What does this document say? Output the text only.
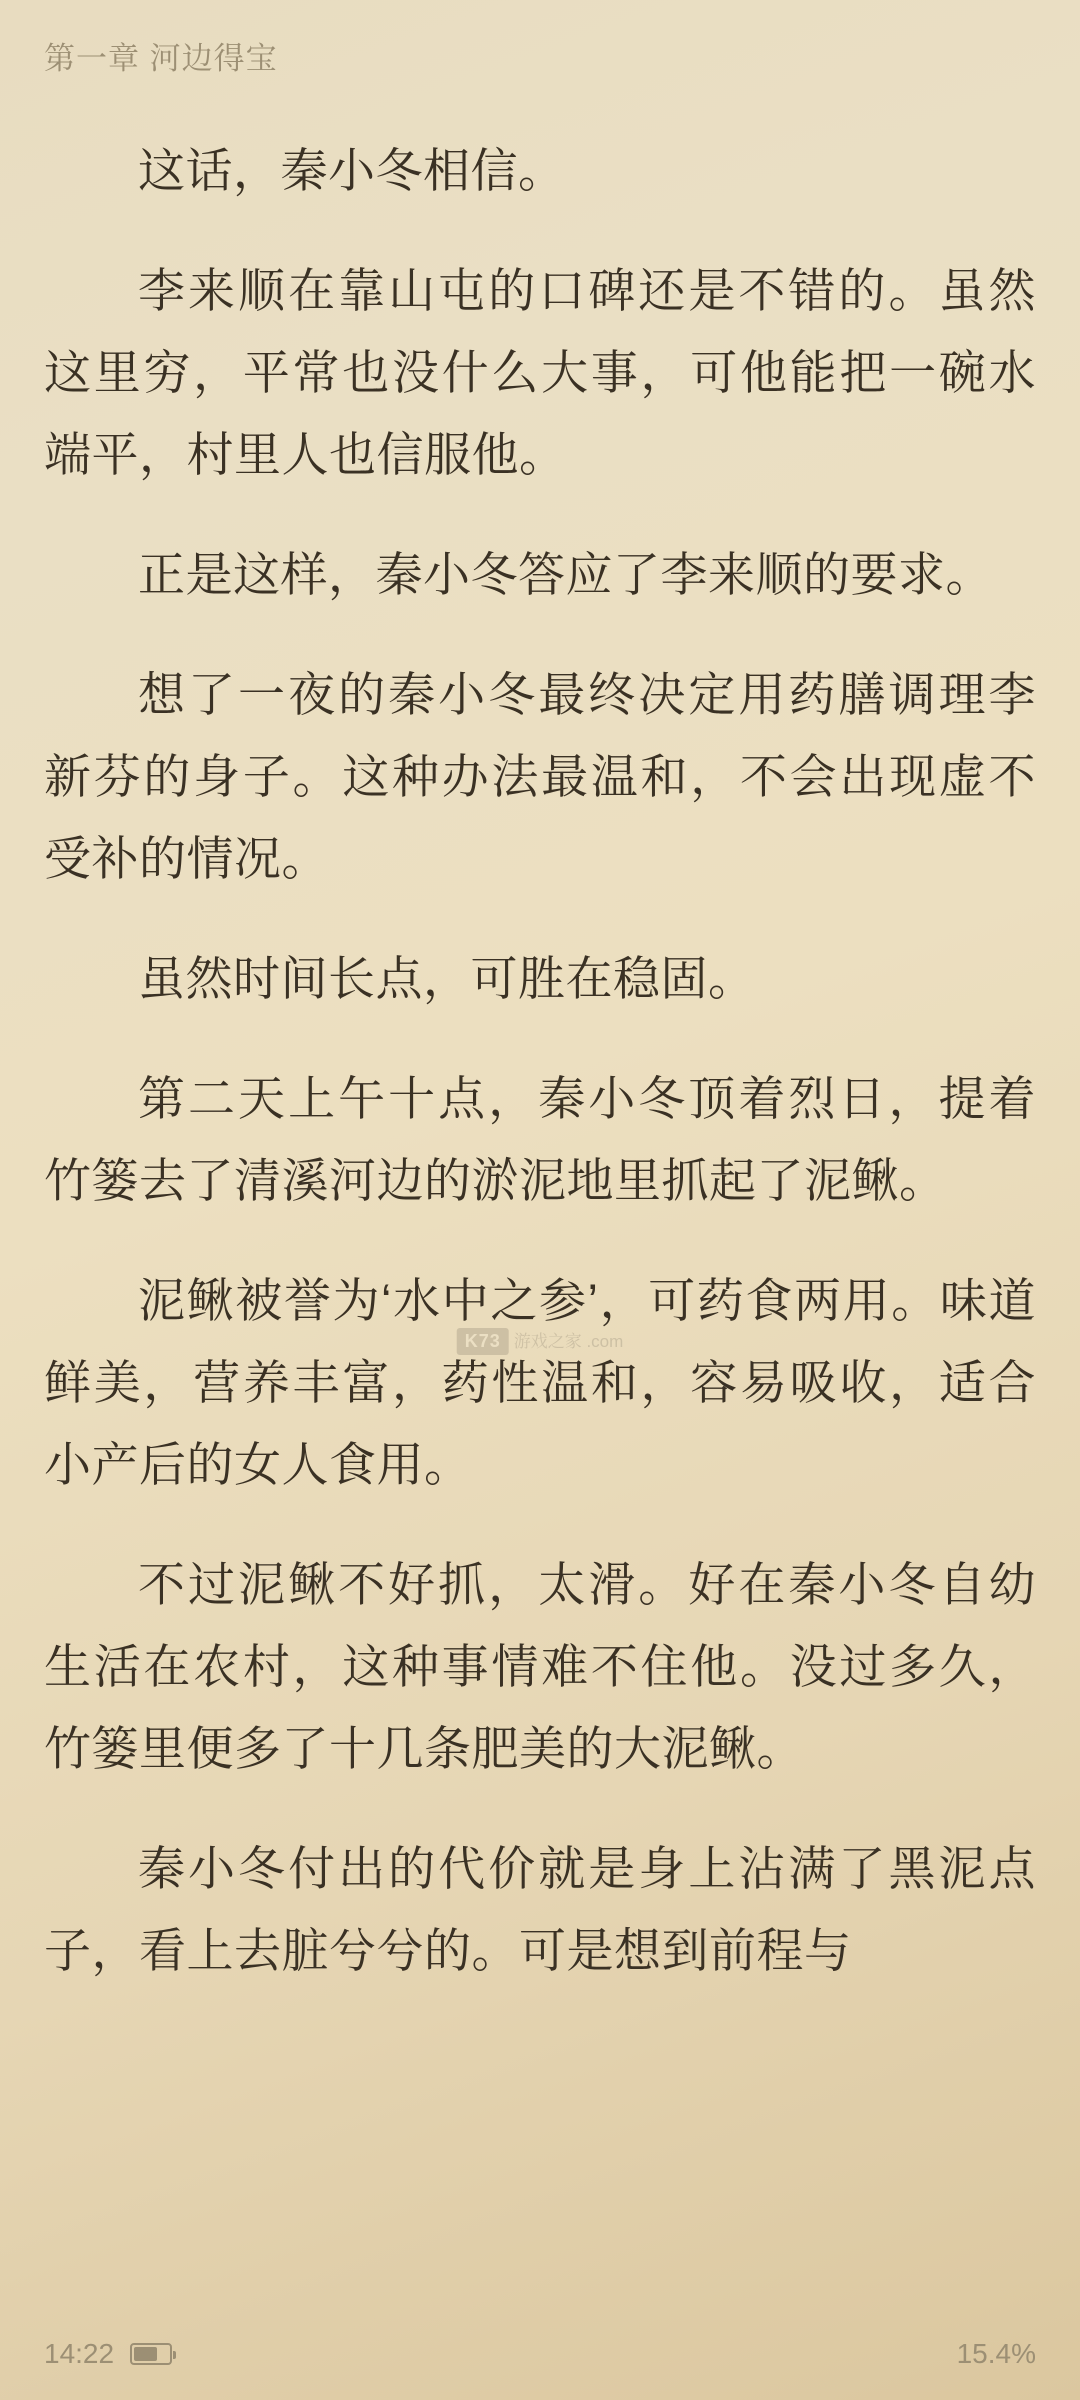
第一章 河边得宝

这话，秦小冬相信。

李来顺在靠山屯的口碑还是不错的。虽然这里穷，平常也没什么大事，可他能把一碗水端平，村里人也信服他。

正是这样，秦小冬答应了李来顺的要求。

想了一夜的秦小冬最终决定用药膳调理李新芬的身子。这种办法最温和，不会出现虚不受补的情况。

虽然时间长点，可胜在稳固。

第二天上午十点，秦小冬顶着烈日，提着竹篓去了清溪河边的淤泥地里抓起了泥鳅。

泥鳅被誉为‘水中之参’，可药食两用。味道鲜美，营养丰富，药性温和，容易吸收，适合小产后的女人食用。

不过泥鳅不好抓，太滑。好在秦小冬自幼生活在农村，这种事情难不住他。没过多久，竹篓里便多了十几条肥美的大泥鳅。

秦小冬付出的代价就是身上沾满了黑泥点子，看上去脏兮兮的。可是想到前程与

K73 游戏之家 .com
14:22	15.4%
